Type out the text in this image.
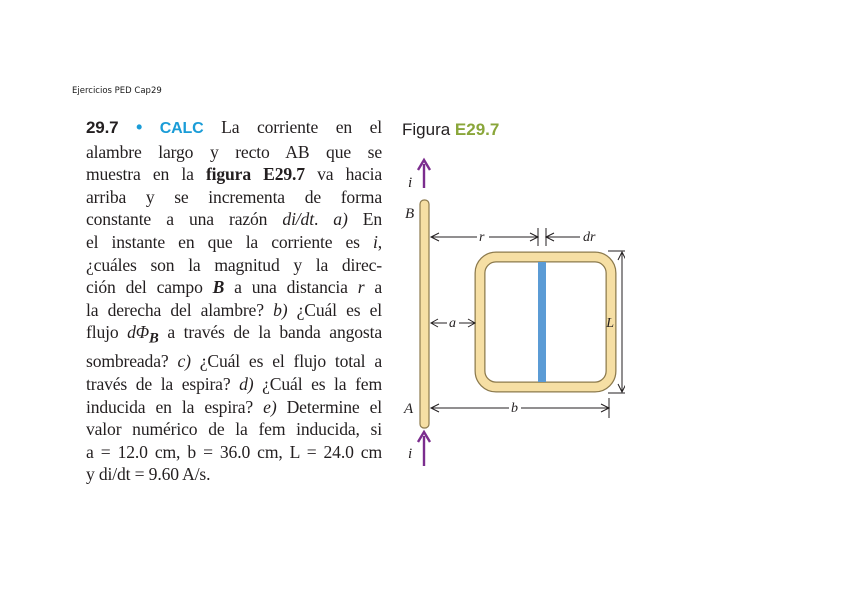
Ejercicios PED Cap29
29.7 • CALC La corriente en el
alambre largo y recto AB que se
muestra en la figura E29.7 va hacia
arriba y se incrementa de forma
constante a una razón di/dt. a) En
el instante en que la corriente es i,
¿cuáles son la magnitud y la direc-
ción del campo B a una distancia r a
la derecha del alambre? b) ¿Cuál es el
flujo $d\Phi_B$ a través de la banda angosta
sombreada? c) ¿Cuál es el flujo total a
través de la espira? d) ¿Cuál es la fem
inducida en la espira? e) Determine el
valor numérico de la fem inducida, si
a = 12.0 cm, b = 36.0 cm, L = 24.0 cm
y di/dt = 9.60 A/s.
Figura E29.7
i
B
r	dr
a	L
A	b
i
